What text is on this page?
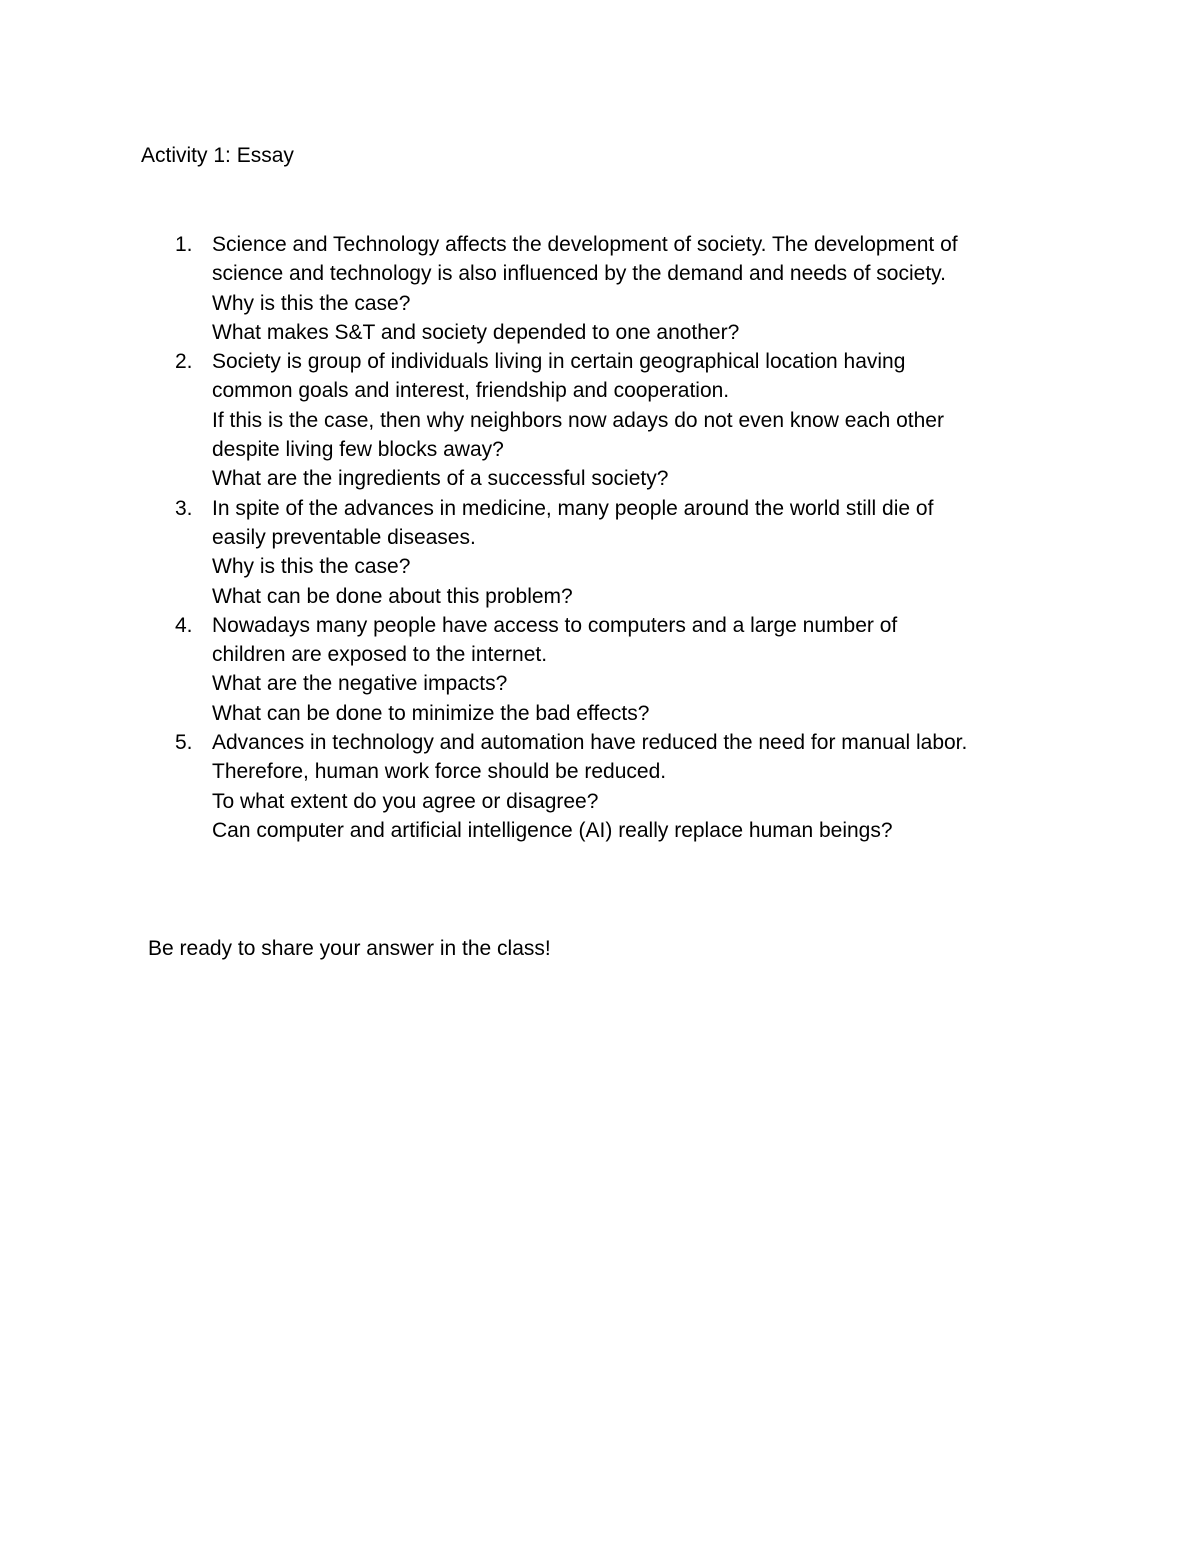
Activity 1: Essay
1. Science and Technology affects the development of society. The development of
science and technology is also influenced by the demand and needs of society.
Why is this the case?
What makes S&T and society depended to one another?
2. Society is group of individuals living in certain geographical location having
common goals and interest, friendship and cooperation.
If this is the case, then why neighbors now adays do not even know each other
despite living few blocks away?
What are the ingredients of a successful society?
3. In spite of the advances in medicine, many people around the world still die of
easily preventable diseases.
Why is this the case?
What can be done about this problem?
4. Nowadays many people have access to computers and a large number of
children are exposed to the internet.
What are the negative impacts?
What can be done to minimize the bad effects?
5. Advances in technology and automation have reduced the need for manual labor.
Therefore, human work force should be reduced.
To what extent do you agree or disagree?
Can computer and artificial intelligence (AI) really replace human beings?
Be ready to share your answer in the class!
